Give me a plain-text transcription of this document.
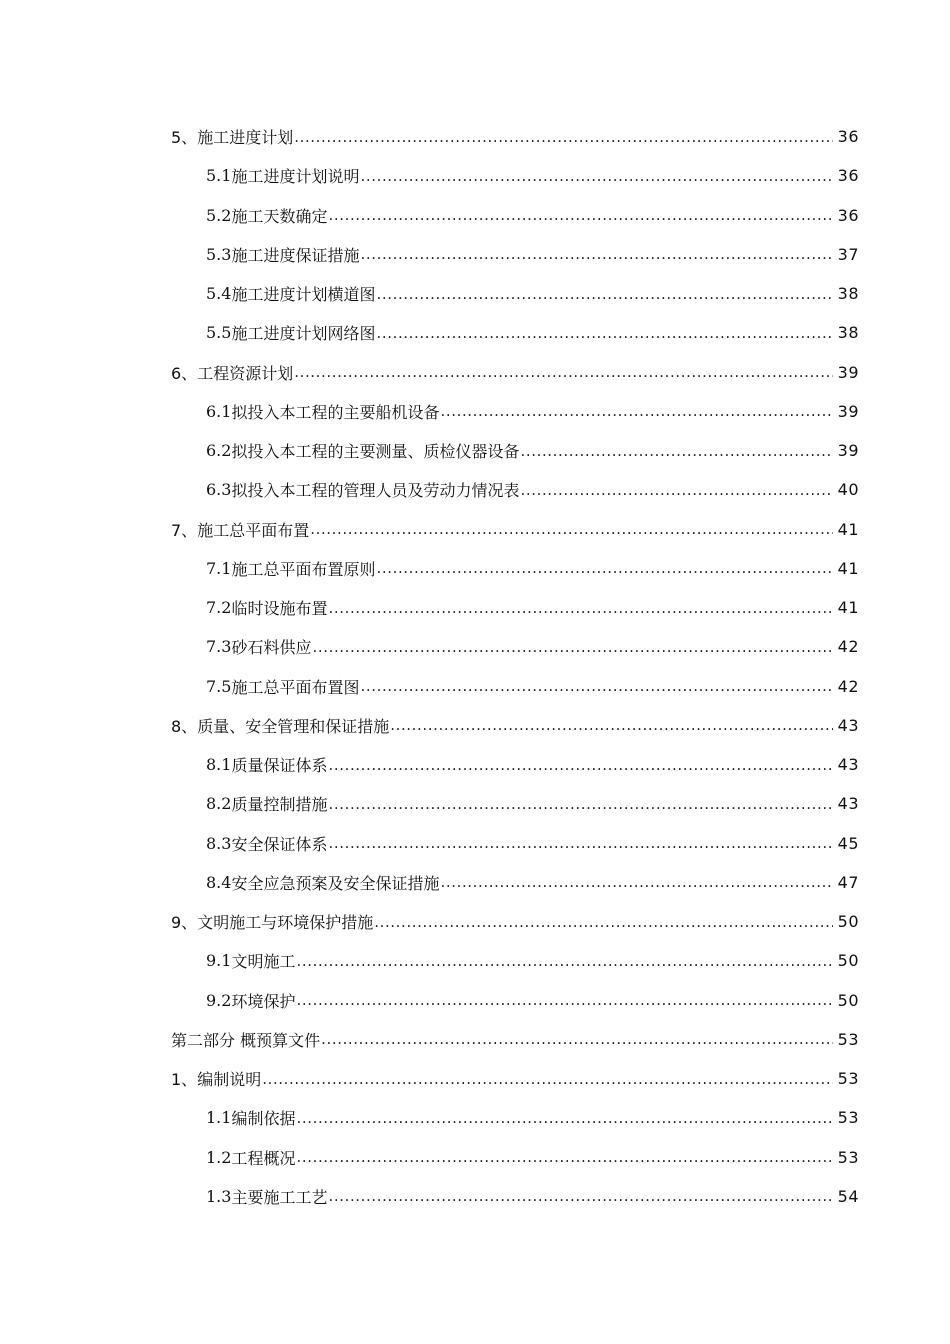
5、 施工进度计划 .....	36
5.1 施工进度计划说明 .....	36
5.2 施工天数确定 .....	36
5.3 施工进度保证措施 .....	37
5.4 施工进度计划横道图 .....	38
5.5 施工进度计划网络图 .....	38
6、 工程资源计划 .....	39
6.1 拟投入本工程的主要船机设备 .....	39
6.2 拟投入本工程的主要测量、质检仪器设备 .....	39
6.3 拟投入本工程的管理人员及劳动力情况表 .....	40
7、 施工总平面布置 .....	41
7.1 施工总平面布置原则 .....	41
7.2 临时设施布置 .....	41
7.3 砂石料供应 .....	42
7.5 施工总平面布置图 .....	42
8、 质量、安全管理和保证措施 .....	43
8.1 质量保证体系 .....	43
8.2 质量控制措施 .....	43
8.3 安全保证体系 .....	45
8.4 安全应急预案及安全保证措施 .....	47
9、 文明施工与环境保护措施 .....	50
9.1 文明施工 .....	50
9.2 环境保护 .....	50
第二部分 概预算文件 .....	53
1、 编制说明 .....	53
1.1 编制依据 .....	53
1.2 工程概况 .....	53
1.3 主要施工工艺 .....	54
